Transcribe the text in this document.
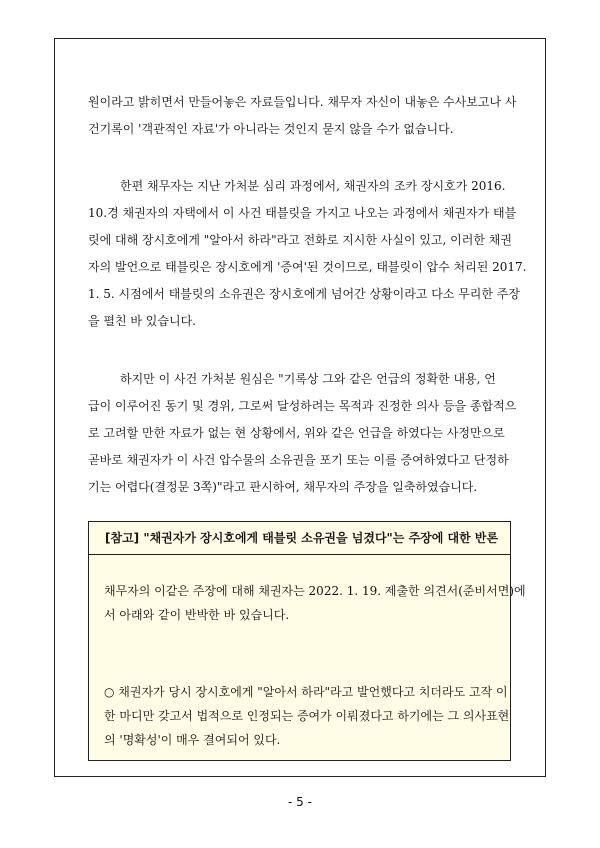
원이라고 밝히면서 만들어놓은 자료들입니다. 채무자 자신이 내놓은 수사보고나 사
건기록이 '객관적인 자료'가 아니라는 것인지 묻지 않을 수가 없습니다.

한편 채무자는 지난 가처분 심리 과정에서, 채권자의 조카 장시호가 2016.
10.경 채권자의 자택에서 이 사건 태블릿을 가지고 나오는 과정에서 채권자가 태블
릿에 대해 장시호에게 "알아서 하라"라고 전화로 지시한 사실이 있고, 이러한 채권
자의 발언으로 태블릿은 장시호에게 '증여'된 것이므로, 태블릿이 압수 처리된 2017.
1. 5. 시점에서 태블릿의 소유권은 장시호에게 넘어간 상황이라고 다소 무리한 주장
을 펼친 바 있습니다.

하지만 이 사건 가처분 원심은 "기록상 그와 같은 언급의 정확한 내용, 언
급이 이루어진 동기 및 경위, 그로써 달성하려는 목적과 진정한 의사 등을 종합적으
로 고려할 만한 자료가 없는 현 상황에서, 위와 같은 언급을 하였다는 사정만으로
곧바로 채권자가 이 사건 압수물의 소유권을 포기 또는 이를 증여하였다고 단정하
기는 어렵다(결정문 3쪽)"라고 판시하여, 채무자의 주장을 일축하였습니다.

[참고] "채권자가 장시호에게 태블릿 소유권을 넘겼다"는 주장에 대한 반론

채무자의 이같은 주장에 대해 채권자는 2022. 1. 19. 제출한 의견서(준비서면)에
서 아래와 같이 반박한 바 있습니다.

○ 채권자가 당시 장시호에게 "알아서 하라"라고 발언했다고 치더라도 고작 이
한 마디만 갖고서 법적으로 인정되는 증여가 이뤄졌다고 하기에는 그 의사표현
의 '명확성'이 매우 결여되어 있다.

- 5 -
